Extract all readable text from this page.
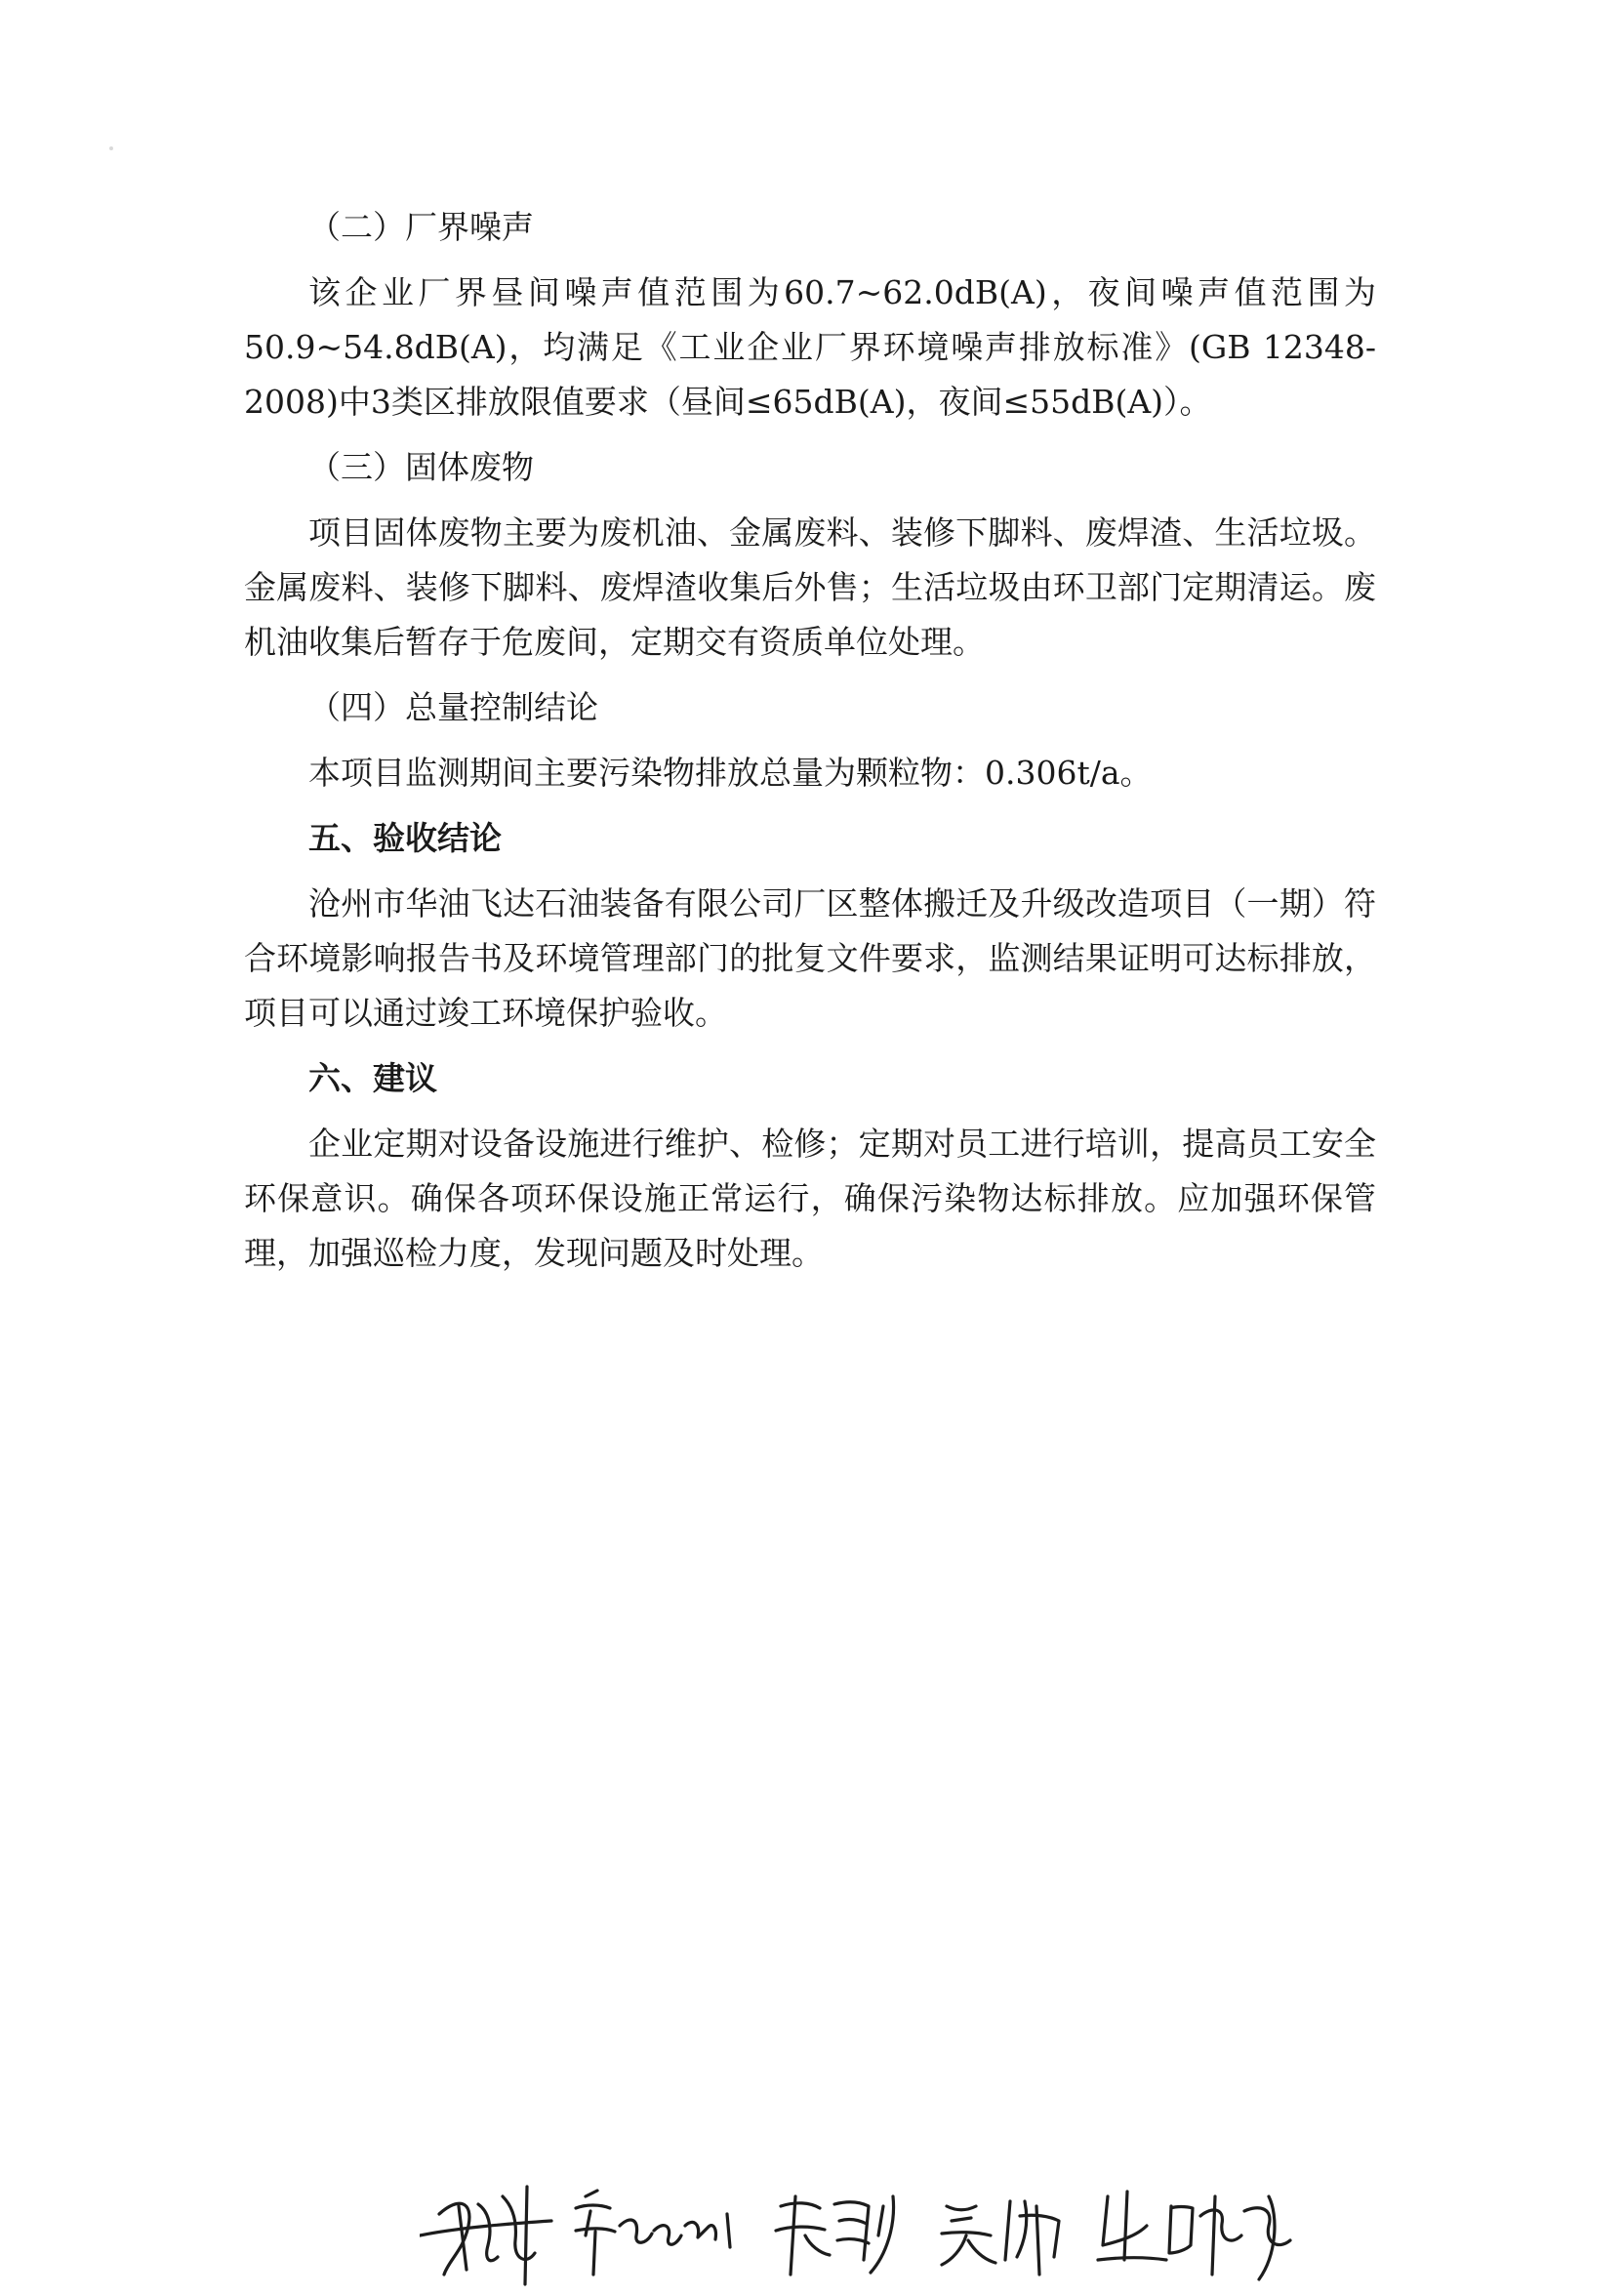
（二）厂界噪声

该企业厂界昼间噪声值范围为60.7~62.0dB(A)，夜间噪声值范围为50.9~54.8dB(A)，均满足《工业企业厂界环境噪声排放标准》(GB 12348-2008)中3类区排放限值要求（昼间≤65dB(A)，夜间≤55dB(A)）。

（三）固体废物

项目固体废物主要为废机油、金属废料、装修下脚料、废焊渣、生活垃圾。金属废料、装修下脚料、废焊渣收集后外售；生活垃圾由环卫部门定期清运。废机油收集后暂存于危废间，定期交有资质单位处理。

（四）总量控制结论

本项目监测期间主要污染物排放总量为颗粒物：0.306t/a。

五、验收结论

沧州市华油飞达石油装备有限公司厂区整体搬迁及升级改造项目（一期）符合环境影响报告书及环境管理部门的批复文件要求，监测结果证明可达标排放，项目可以通过竣工环境保护验收。

六、建议

企业定期对设备设施进行维护、检修；定期对员工进行培训，提高员工安全环保意识。确保各项环保设施正常运行，确保污染物达标排放。应加强环保管理，加强巡检力度，发现问题及时处理。
